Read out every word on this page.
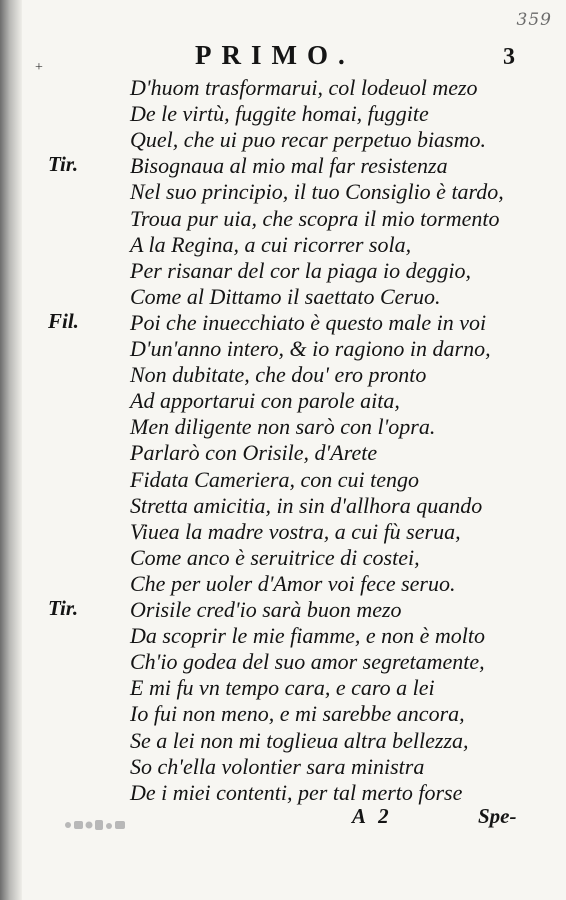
359
+	PRIMO.	3
D'huom trasformarui, col lodeuol mezo
De le virtù, fuggite homai, fuggite
Quel, che ui puo recar perpetuo biasmo.
Tir. Bisognaua al mio mal far resistenza
Nel suo principio, il tuo Consiglio è tardo,
Troua pur uia, che scopra il mio tormento
A la Regina, a cui ricorrer sola,
Per risanar del cor la piaga io deggio,
Come al Dittamo il saettato Ceruo.
Fil. Poi che inuecchiato è questo male in voi
D'un'anno intero, & io ragiono in darno,
Non dubitate, che dou' ero pronto
Ad apportarui con parole aita,
Men diligente non sarò con l'opra.
Parlarò con Orisile, d'Arete
Fidata Cameriera, con cui tengo
Stretta amicitia, in sin d'allhora quando
Viuea la madre vostra, a cui fù serua,
Come anco è seruitrice di costei,
Che per uoler d'Amor voi fece seruo.
Tir. Orisile cred'io sarà buon mezo
Da scoprir le mie fiamme, e non è molto
Ch'io godea del suo amor segretamente,
E mi fu vn tempo cara, e caro a lei
Io fui non meno, e mi sarebbe ancora,
Se a lei non mi toglieua altra bellezza,
So ch'ella volontier sara ministra
De i miei contenti, per tal merto forse
A 2	Spe-
